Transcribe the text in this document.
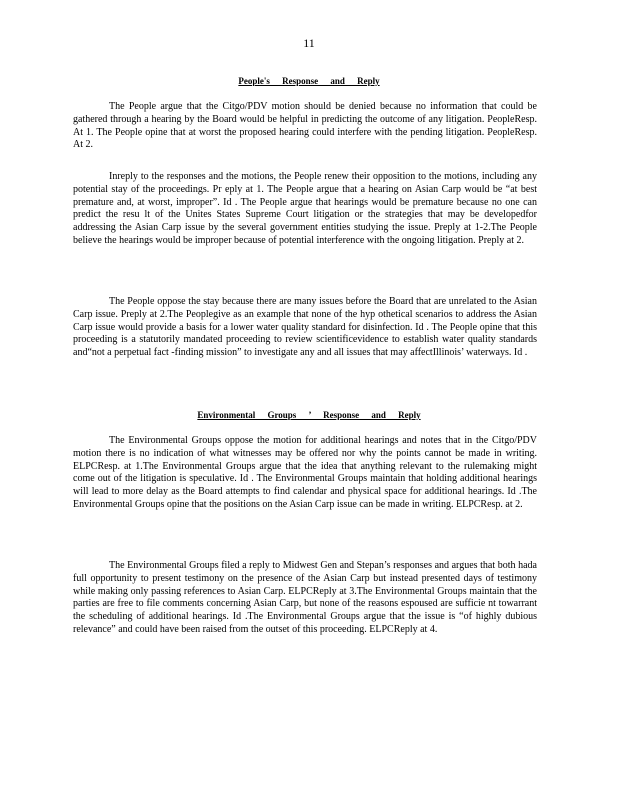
11
People's Response and Reply

The People argue that the Citgo/PDV motion should be denied because no information that could be gathered through a hearing by the Board would be helpful in predicting the outcome of any litigation. PeopleResp. At 1. The People opine that at worst the proposed hearing could interfere with the pending litigation. PeopleResp. At 2.

Inreply to the responses and the motions, the People renew their opposition to the motions, including any potential stay of the proceedings. Pr eply at 1. The People argue that a hearing on Asian Carp would be “at best premature and, at worst, improper”. Id . The People argue that hearings would be premature because no one can predict the resu lt of the Unites States Supreme Court litigation or the strategies that may be developedfor addressing the Asian Carp issue by the several government entities studying the issue. Preply at 1-2.The People believe the hearings would be improper because of potential interference with the ongoing litigation. Preply at 2.

The People oppose the stay because there are many issues before the Board that are unrelated to the Asian Carp issue. Preply at 2.The Peoplegive as an example that none of the hyp othetical scenarios to address the Asian Carp issue would provide a basis for a lower water quality standard for disinfection. Id . The People opine that this proceeding is a statutorily mandated proceeding to review scientificevidence to establish water quality standards and“not a perpetual fact -finding mission” to investigate any and all issues that may affectIllinois’ waterways. Id .

Environmental Groups ’ Response and Reply

The Environmental Groups oppose the motion for additional hearings and notes that in the Citgo/PDV motion there is no indication of what witnesses may be offered nor why the points cannot be made in writing. ELPCResp. at 1.The Environmental Groups argue that the idea that anything relevant to the rulemaking might come out of the litigation is speculative. Id . The Environmental Groups maintain that holding additional hearings will lead to more delay as the Board attempts to find calendar and physical space for additional hearings. Id .The Environmental Groups opine that the positions on the Asian Carp issue can be made in writing. ELPCResp. at 2.

The Environmental Groups filed a reply to Midwest Gen and Stepan’s responses and argues that both hada full opportunity to present testimony on the presence of the Asian Carp but instead presented days of testimony while making only passing references to Asian Carp. ELPCReply at 3.The Environmental Groups maintain that the parties are free to file comments concerning Asian Carp, but none of the reasons espoused are sufficie nt towarrant the scheduling of additional hearings. Id .The Environmental Groups argue that the issue is “of highly dubious relevance” and could have been raised from the outset of this proceeding. ELPCReply at 4.
